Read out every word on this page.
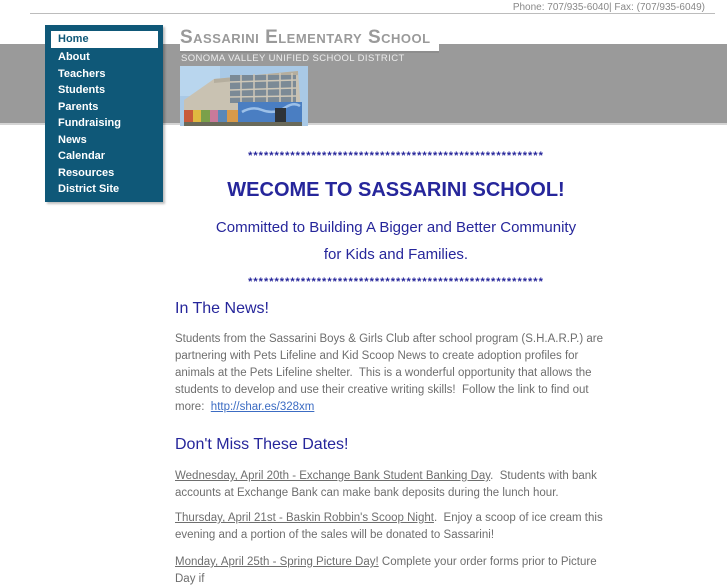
Phone: 707/935-6040| Fax: (707/935-6049)
Sassarini Elementary School
SONOMA VALLEY UNIFIED SCHOOL DISTRICT
Home
About
Teachers
Students
Parents
Fundraising
News
Calendar
Resources
District Site
********************************************************
WECOME TO SASSARINI SCHOOL!
Committed to Building A Bigger and Better Community
for Kids and Families.
********************************************************
In The News!

Students from the Sassarini Boys & Girls Club after school program (S.H.A.R.P.) are partnering with Pets Lifeline and Kid Scoop News to create adoption profiles for animals at the Pets Lifeline shelter.  This is a wonderful opportunity that allows the students to develop and use their creative writing skills!  Follow the link to find out more:  http://shar.es/328xm

Don't Miss These Dates!

Wednesday, April 20th - Exchange Bank Student Banking Day.  Students with bank accounts at Exchange Bank can make bank deposits during the lunch hour.

Thursday, April 21st - Baskin Robbin's Scoop Night.  Enjoy a scoop of ice cream this evening and a portion of the sales will be donated to Sassarini!

Monday, April 25th - Spring Picture Day! Complete your order forms prior to Picture Day if
